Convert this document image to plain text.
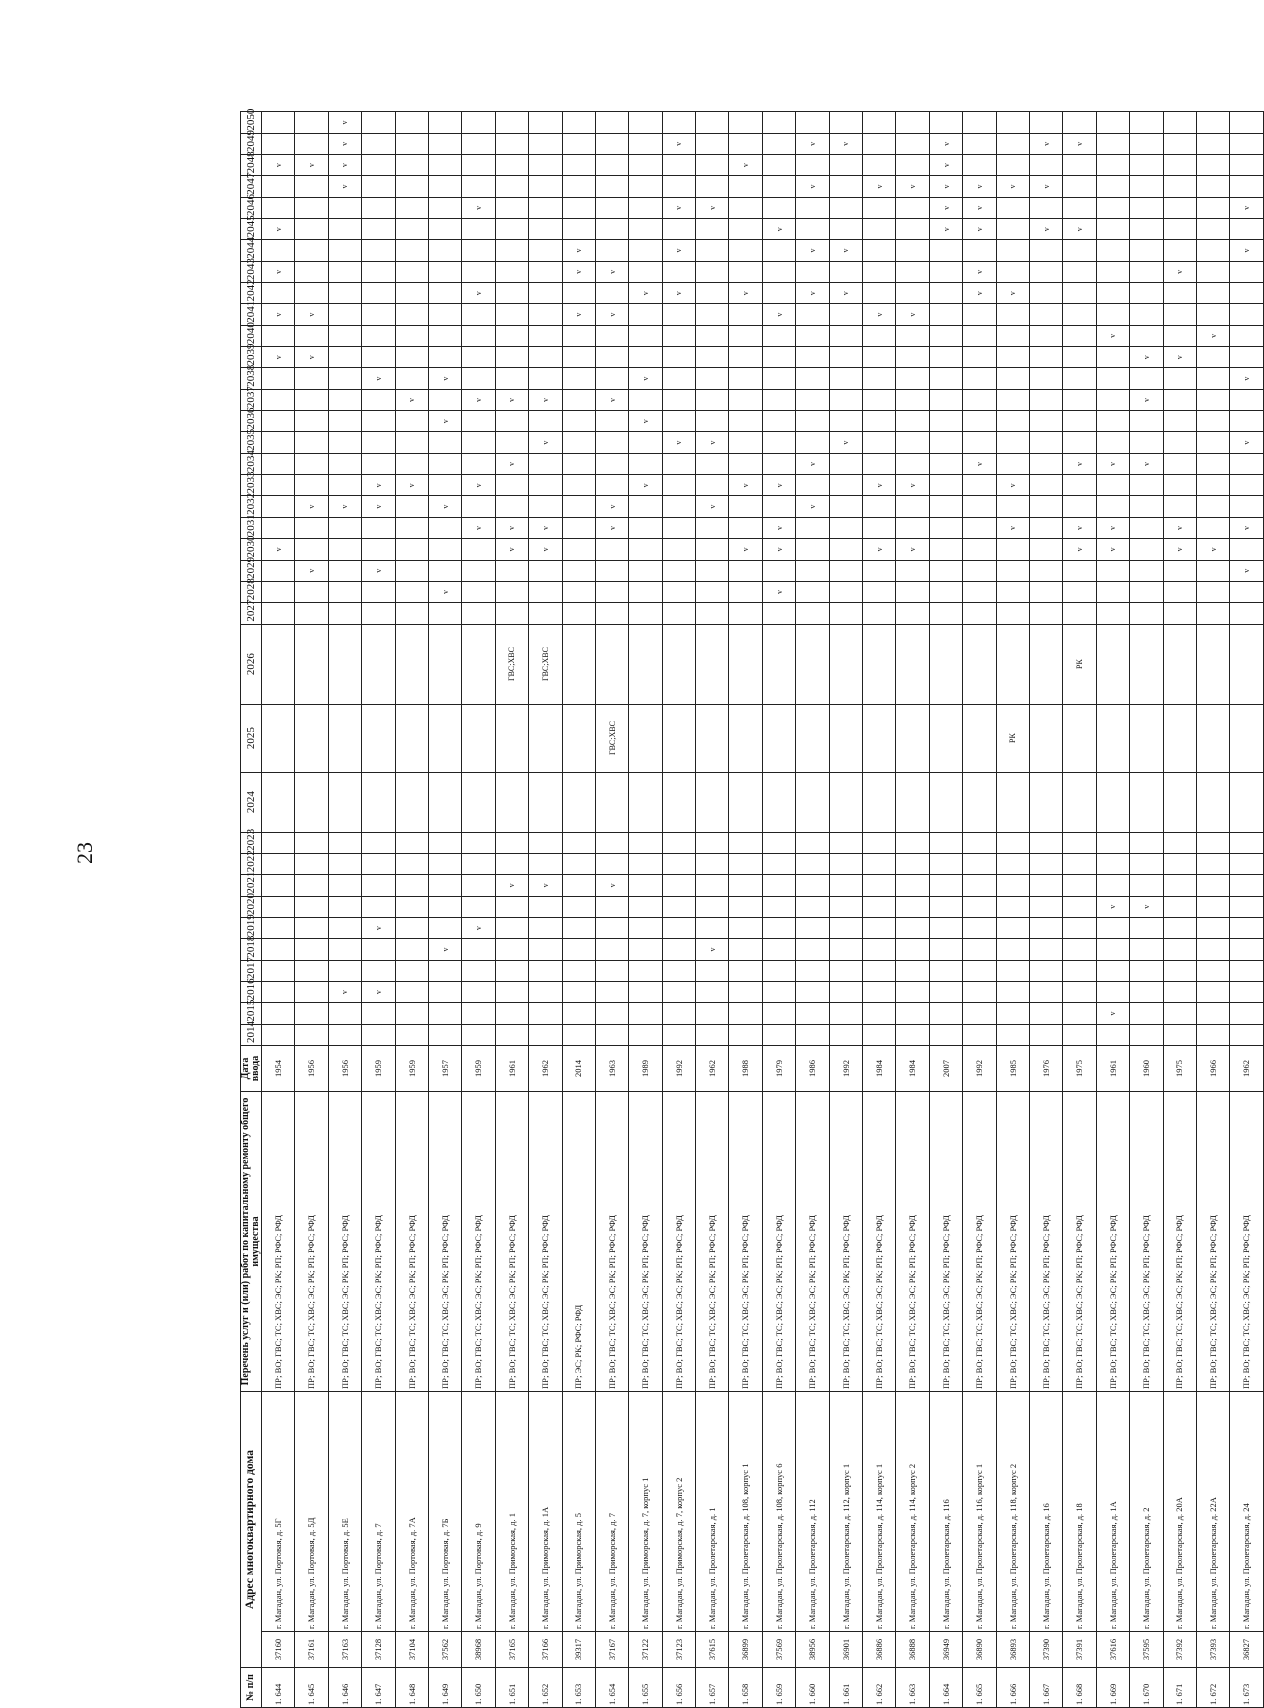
23
№ п/п	Адрес многоквартирного дома		Перечень услуг и (или) работ по капитальному ремонту общего имущества	Дата ввода	2014	2015	2016	2017	2018	2019	2020	2021	2022	2023	2024	2025	2026	2027	2028	2029	2030	2031	2032	2033	2034	2035	2036	2037	2038	2039	2040	2041	2042	2043	2044	2045	2046	2047	2048	2049	2050
1. 644	37160	г. Магадан, ул. Портовая, д. 5Г	ПР; ВО; ГВС; ТС; ХВС; ЭС; РК; РП; РФС; РФД	1954																	v									v		v		v		v			v		
1. 645	37161	г. Магадан, ул. Портовая, д. 5Д	ПР; ВО; ГВС; ТС; ХВС; ЭС; РК; РП; РФС; РФД	1956																v			v							v		v							v		
1. 646	37163	г. Магадан, ул. Портовая, д. 5Е	ПР; ВО; ГВС; ТС; ХВС; ЭС; РК; РП; РФС; РФД	1956			v																v															v	v	v	v
1. 647	37128	г. Магадан, ул. Портовая, д. 7	ПР; ВО; ГВС; ТС; ХВС; ЭС; РК; РП; РФС; РФД	1959			v			v										v			v	v					v												
1. 648	37104	г. Магадан, ул. Портовая, д. 7А	ПР; ВО; ГВС; ТС; ХВС; ЭС; РК; РП; РФС; РФД	1959																				v				v													
1. 649	37562	г. Магадан, ул. Портовая, д. 7Б	ПР; ВО; ГВС; ТС; ХВС; ЭС; РК; РП; РФС; РФД	1957					v										v				v				v		v												
1. 650	38968	г. Магадан, ул. Портовая, д. 9	ПР; ВО; ГВС; ТС; ХВС; ЭС; РК; РП; РФС; РФД	1959						v												v		v				v					v				v				
1. 651	37165	г. Магадан, ул. Приморская, д. 1	ПР; ВО; ГВС; ТС; ХВС; ЭС; РК; РП; РФС; РФД	1961								v					ГВС;ХВС				v	v			v			v													
1. 652	37166	г. Магадан, ул. Приморская, д. 1А	ПР; ВО; ГВС; ТС; ХВС; ЭС; РК; РП; РФС; РФД	1962								v					ГВС;ХВС				v	v				v		v													
1. 653	39317	г. Магадан, ул. Приморская, д. 5	ПР; ЭС; РК; РФС; РФД	2014																												v		v	v						
1. 654	37167	г. Магадан, ул. Приморская, д. 7	ПР; ВО; ГВС; ТС; ХВС; ЭС; РК; РП; РФС; РФД	1963								v				ГВС;ХВС						v	v					v				v		v							
1. 655	37122	г. Магадан, ул. Приморская, д. 7, корпус 1	ПР; ВО; ГВС; ТС; ХВС; ЭС; РК; РП; РФС; РФД	1989																				v			v		v				v								
1. 656	37123	г. Магадан, ул. Приморская, д. 7, корпус 2	ПР; ВО; ГВС; ТС; ХВС; ЭС; РК; РП; РФС; РФД	1992																						v							v		v		v			v	
1. 657	37615	г. Магадан, ул. Пролетарская, д. 1	ПР; ВО; ГВС; ТС; ХВС; ЭС; РК; РП; РФС; РФД	1962					v														v			v											v				
1. 658	36899	г. Магадан, ул. Пролетарская, д. 108, корпус 1	ПР; ВО; ГВС; ТС; ХВС; ЭС; РК; РП; РФС; РФД	1988																	v			v									v						v		
1. 659	37569	г. Магадан, ул. Пролетарская, д. 108, корпус 6	ПР; ВО; ГВС; ТС; ХВС; ЭС; РК; РП; РФС; РФД	1979															v		v	v		v								v				v					
1. 660	38956	г. Магадан, ул. Пролетарская, д. 112	ПР; ВО; ГВС; ТС; ХВС; ЭС; РК; РП; РФС; РФД	1986																			v		v								v		v			v		v	
1. 661	36901	г. Магадан, ул. Пролетарская, д. 112, корпус 1	ПР; ВО; ГВС; ТС; ХВС; ЭС; РК; РП; РФС; РФД	1992																						v							v		v					v	
1. 662	36886	г. Магадан, ул. Пролетарская, д. 114, корпус 1	ПР; ВО; ГВС; ТС; ХВС; ЭС; РК; РП; РФС; РФД	1984																	v			v								v						v			
1. 663	36888	г. Магадан, ул. Пролетарская, д. 114, корпус 2	ПР; ВО; ГВС; ТС; ХВС; ЭС; РК; РП; РФС; РФД	1984																	v			v								v						v			
1. 664	36949	г. Магадан, ул. Пролетарская, д. 116	ПР; ВО; ГВС; ТС; ХВС; ЭС; РК; РП; РФС; РФД	2007																																v	v	v	v	v	
1. 665	36890	г. Магадан, ул. Пролетарская, д. 116, корпус 1	ПР; ВО; ГВС; ТС; ХВС; ЭС; РК; РП; РФС; РФД	1992																					v								v	v		v	v	v			
1. 666	36893	г. Магадан, ул. Пролетарская, д. 118, корпус 2	ПР; ВО; ГВС; ТС; ХВС; ЭС; РК; РП; РФС; РФД	1985												РК						v		v									v					v			
1. 667	37390	г. Магадан, ул. Пролетарская, д. 16	ПР; ВО; ГВС; ТС; ХВС; ЭС; РК; РП; РФС; РФД	1976																																v		v		v	
1. 668	37391	г. Магадан, ул. Пролетарская, д. 18	ПР; ВО; ГВС; ТС; ХВС; ЭС; РК; РП; РФС; РФД	1975													РК				v	v			v											v				v	
1. 669	37616	г. Магадан, ул. Пролетарская, д. 1А	ПР; ВО; ГВС; ТС; ХВС; ЭС; РК; РП; РФС; РФД	1961		v					v										v	v			v						v										
1. 670	37595	г. Магадан, ул. Пролетарская, д. 2	ПР; ВО; ГВС; ТС; ХВС; ЭС; РК; РП; РФС; РФД	1960							v														v			v		v											
1. 671	37392	г. Магадан, ул. Пролетарская, д. 20А	ПР; ВО; ГВС; ТС; ХВС; ЭС; РК; РП; РФС; РФД	1975																	v	v								v				v							
1. 672	37393	г. Магадан, ул. Пролетарская, д. 22А	ПР; ВО; ГВС; ТС; ХВС; ЭС; РК; РП; РФС; РФД	1966																	v										v										
1. 673	36827	г. Магадан, ул. Пролетарская, д. 24	ПР; ВО; ГВС; ТС; ХВС; ЭС; РК; РП; РФС; РФД	1962																v		v				v			v						v		v				
